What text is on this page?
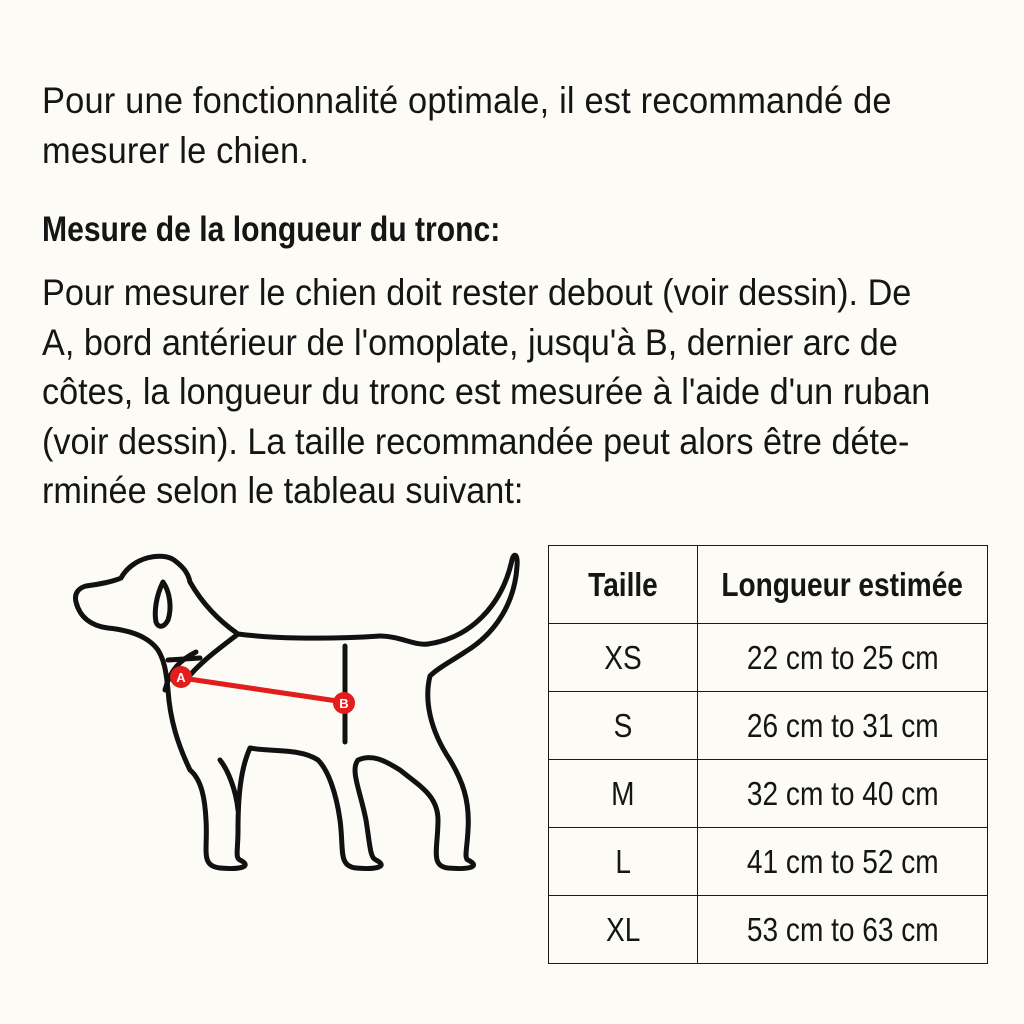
Pour une fonctionnalité optimale, il est recommandé de mesurer le chien.

Mesure de la longueur du tronc:

Pour mesurer le chien doit rester debout (voir dessin). De
A, bord antérieur de l'omoplate, jusqu'à B, dernier arc de
côtes, la longueur du tronc est mesurée à l'aide d'un ruban
(voir dessin). La taille recommandée peut alors être déte-
rminée selon le tableau suivant:

A
B
Taille	Longueur estimée
XS	22 cm to 25 cm
S	26 cm to 31 cm
M	32 cm to 40 cm
L	41 cm to 52 cm
XL	53 cm to 63 cm
